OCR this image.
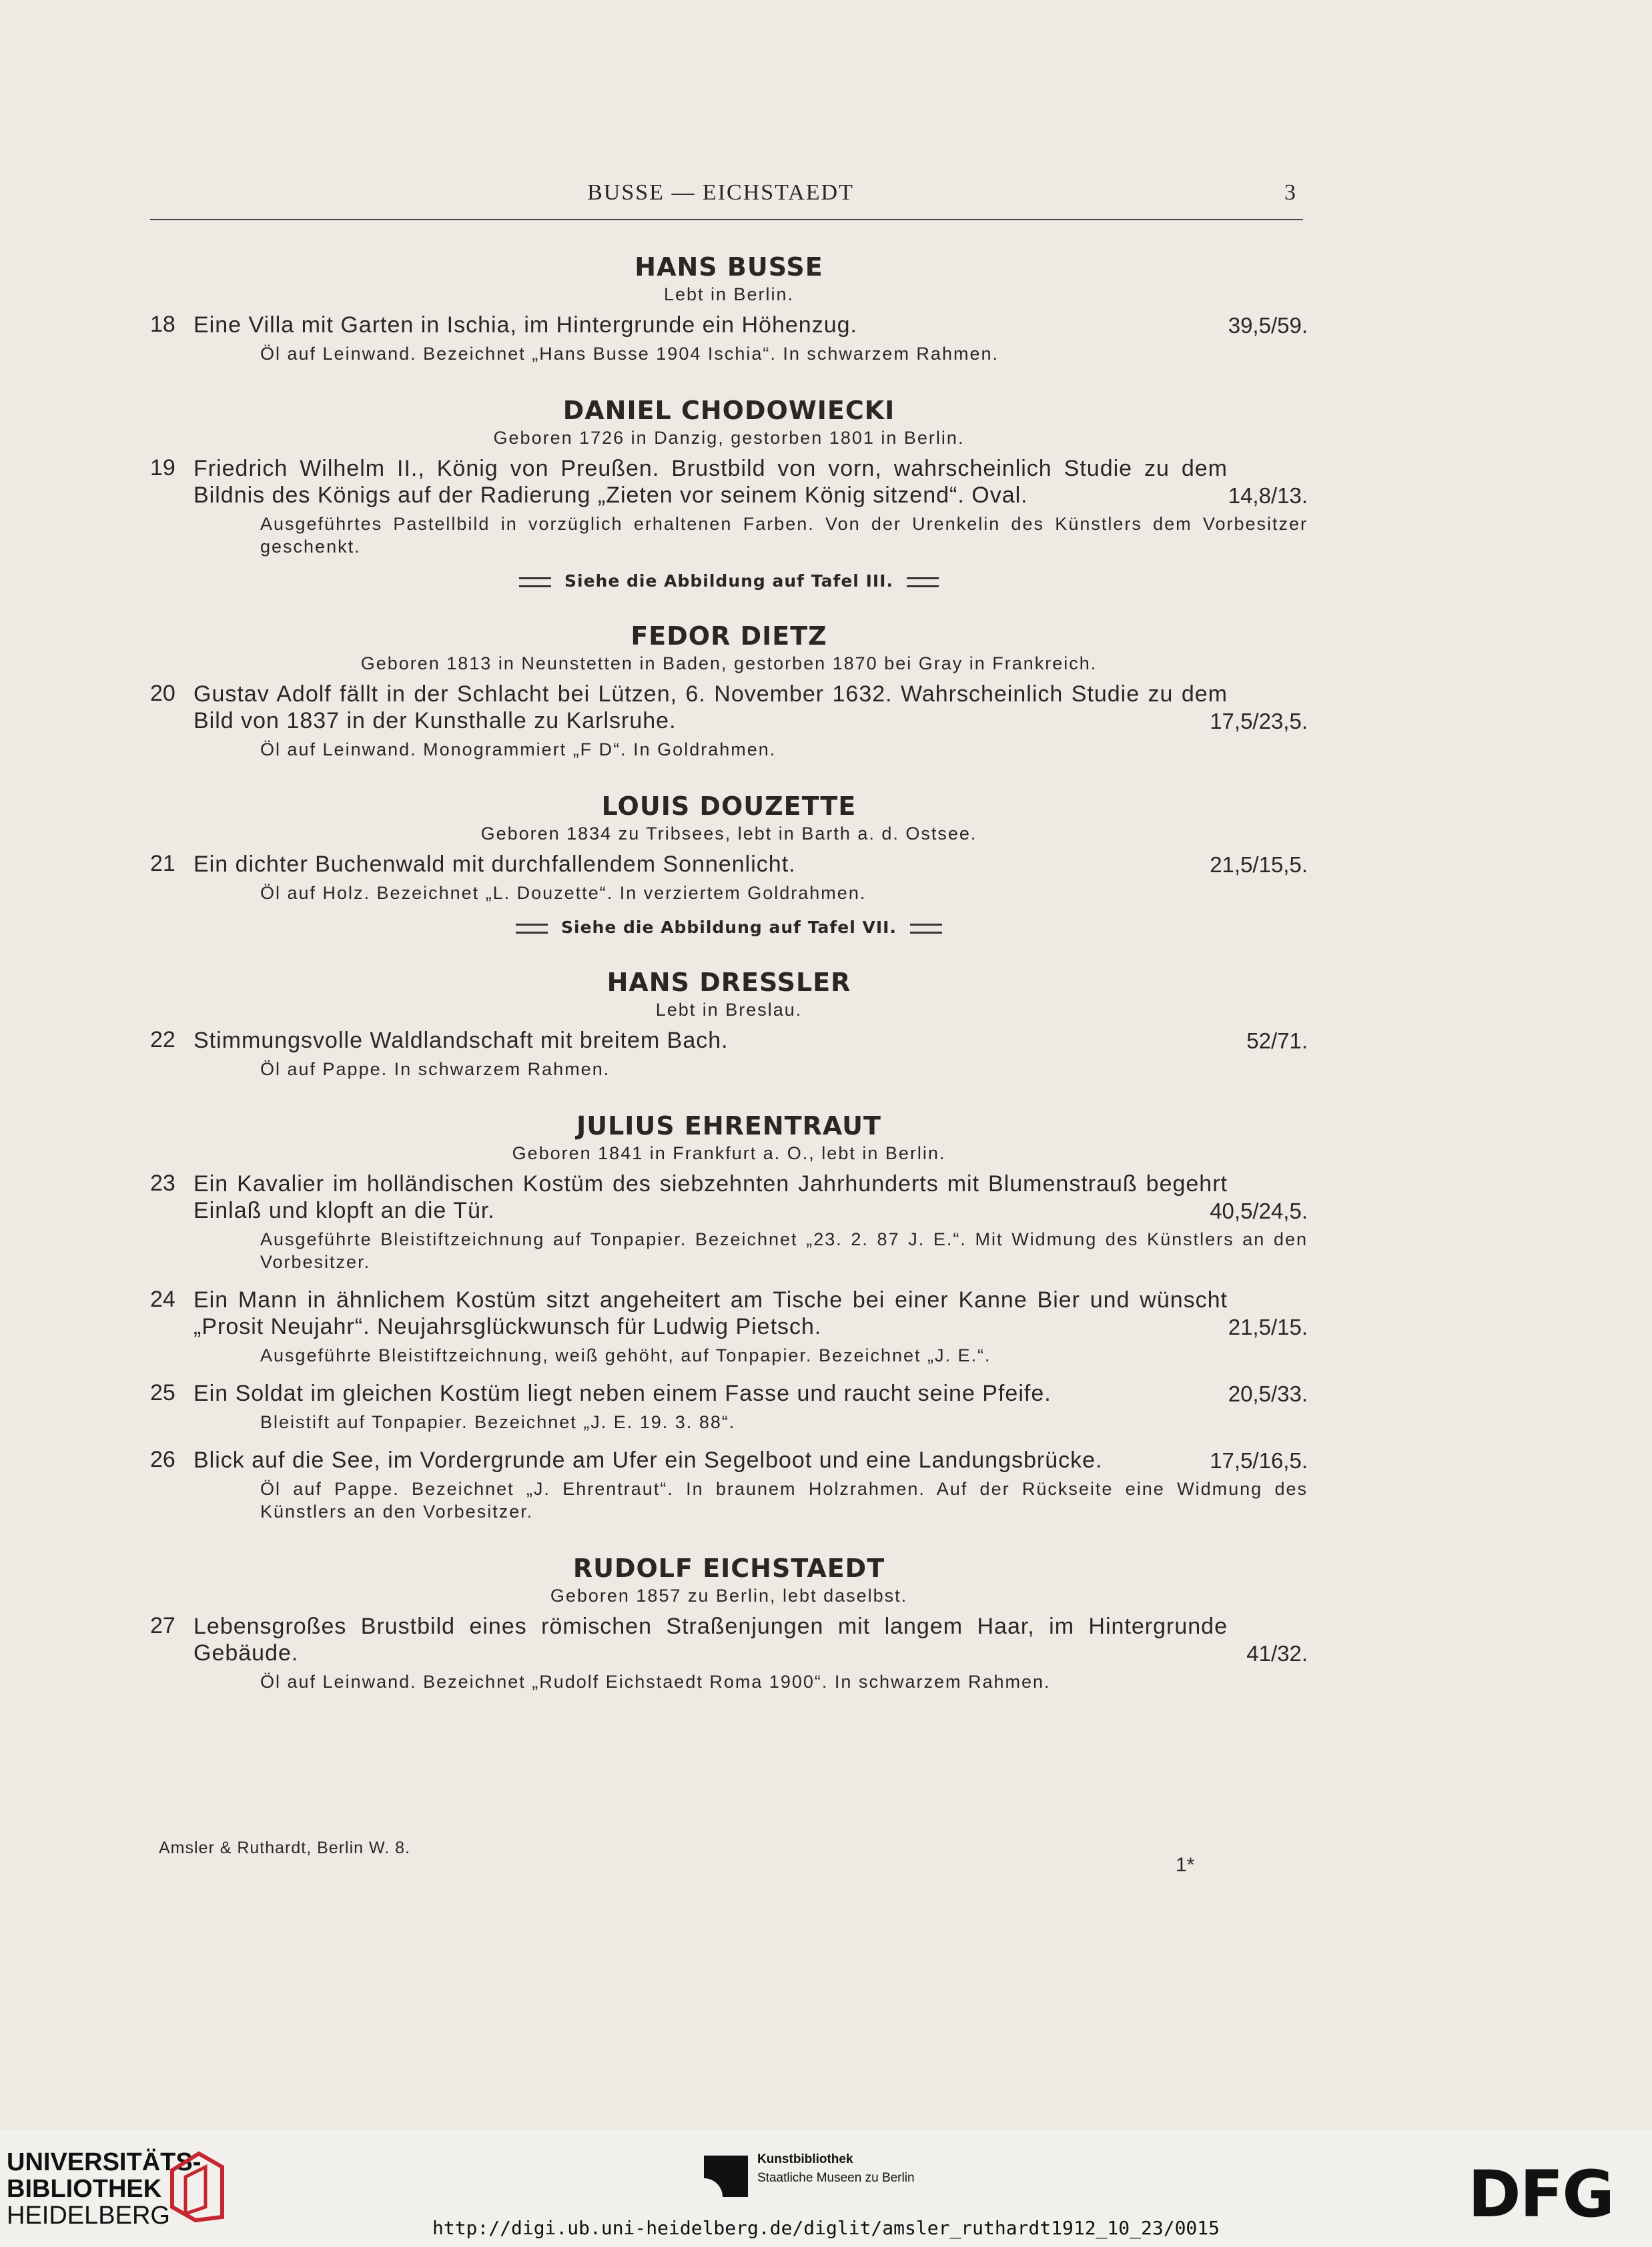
BUSSE — EICHSTAEDT	3
HANS BUSSE
Lebt in Berlin.
18 Eine Villa mit Garten in Ischia, im Hintergrunde ein Höhenzug.	39,5/59.
Öl auf Leinwand. Bezeichnet „Hans Busse 1904 Ischia“. In schwarzem Rahmen.
DANIEL CHODOWIECKI
Geboren 1726 in Danzig, gestorben 1801 in Berlin.
19 Friedrich Wilhelm II., König von Preußen. Brustbild von vorn, wahrscheinlich Studie zu dem Bildnis des Königs auf der Radierung „Zieten vor seinem König sitzend“. Oval.	14,8/13.
Ausgeführtes Pastellbild in vorzüglich erhaltenen Farben. Von der Urenkelin des Künstlers dem Vorbesitzer geschenkt.
Siehe die Abbildung auf Tafel III.
FEDOR DIETZ
Geboren 1813 in Neunstetten in Baden, gestorben 1870 bei Gray in Frankreich.
20 Gustav Adolf fällt in der Schlacht bei Lützen, 6. November 1632. Wahrscheinlich Studie zu dem Bild von 1837 in der Kunsthalle zu Karlsruhe.	17,5/23,5.
Öl auf Leinwand. Monogrammiert „F D“. In Goldrahmen.
LOUIS DOUZETTE
Geboren 1834 zu Tribsees, lebt in Barth a. d. Ostsee.
21 Ein dichter Buchenwald mit durchfallendem Sonnenlicht.	21,5/15,5.
Öl auf Holz. Bezeichnet „L. Douzette“. In verziertem Goldrahmen.
Siehe die Abbildung auf Tafel VII.
HANS DRESSLER
Lebt in Breslau.
22 Stimmungsvolle Waldlandschaft mit breitem Bach.	52/71.
Öl auf Pappe. In schwarzem Rahmen.
JULIUS EHRENTRAUT
Geboren 1841 in Frankfurt a. O., lebt in Berlin.
23 Ein Kavalier im holländischen Kostüm des siebzehnten Jahrhunderts mit Blumenstrauß begehrt Einlaß und klopft an die Tür.	40,5/24,5.
Ausgeführte Bleistiftzeichnung auf Tonpapier. Bezeichnet „23. 2. 87 J. E.“. Mit Widmung des Künstlers an den Vorbesitzer.
24 Ein Mann in ähnlichem Kostüm sitzt angeheitert am Tische bei einer Kanne Bier und wünscht „Prosit Neujahr“. Neujahrsglückwunsch für Ludwig Pietsch.	21,5/15.
Ausgeführte Bleistiftzeichnung, weiß gehöht, auf Tonpapier. Bezeichnet „J. E.“.
25 Ein Soldat im gleichen Kostüm liegt neben einem Fasse und raucht seine Pfeife.	20,5/33.
Bleistift auf Tonpapier. Bezeichnet „J. E. 19. 3. 88“.
26 Blick auf die See, im Vordergrunde am Ufer ein Segelboot und eine Landungsbrücke.	17,5/16,5.
Öl auf Pappe. Bezeichnet „J. Ehrentraut“. In braunem Holzrahmen. Auf der Rückseite eine Widmung des Künstlers an den Vorbesitzer.
RUDOLF EICHSTAEDT
Geboren 1857 zu Berlin, lebt daselbst.
27 Lebensgroßes Brustbild eines römischen Straßenjungen mit langem Haar, im Hintergrunde Gebäude.	41/32.
Öl auf Leinwand. Bezeichnet „Rudolf Eichstaedt Roma 1900“. In schwarzem Rahmen.
Amsler & Ruthardt, Berlin W. 8.
1*
UNIVERSITÄTS-
BIBLIOTHEK
HEIDELBERG
Kunstbibliothek
Staatliche Museen zu Berlin	DFG
http://digi.ub.uni-heidelberg.de/diglit/amsler_ruthardt1912_10_23/0015
